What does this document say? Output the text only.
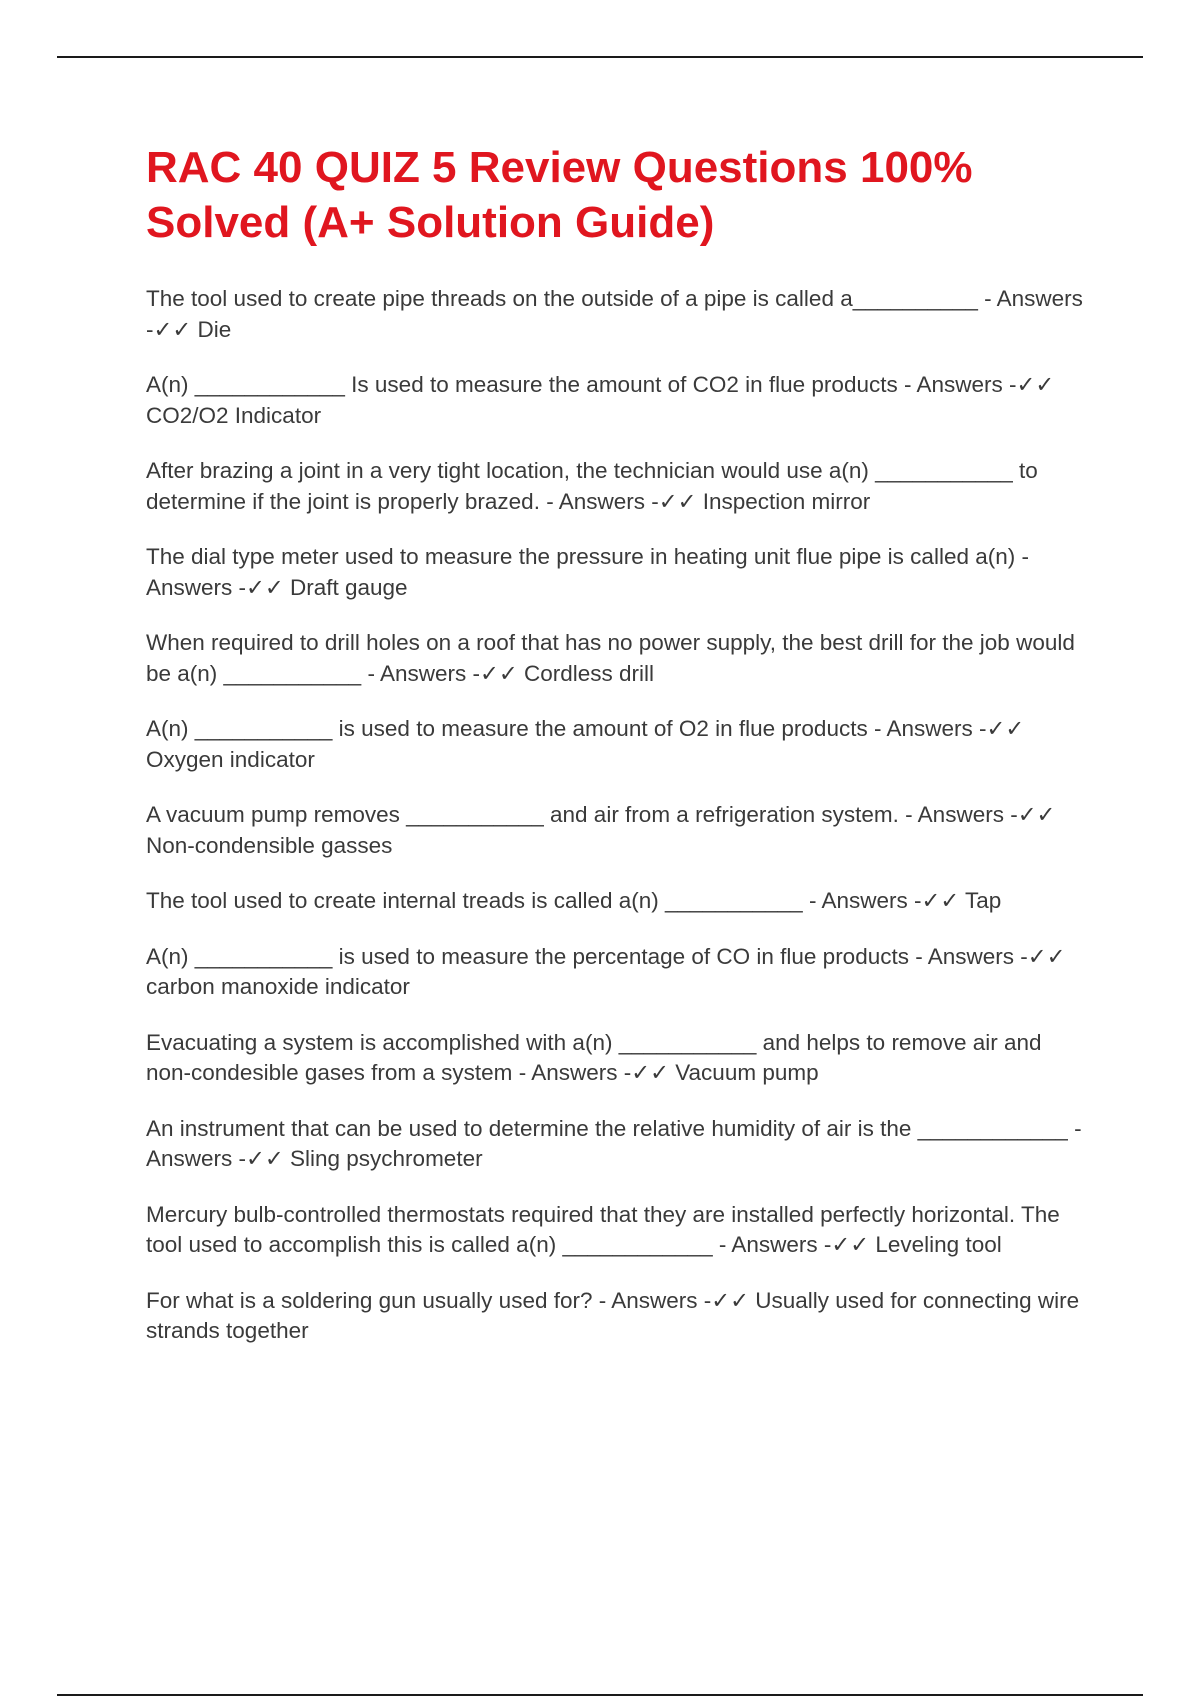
RAC 40 QUIZ 5 Review Questions 100% Solved (A+ Solution Guide)

The tool used to create pipe threads on the outside of a pipe is called a__________ - Answers -✓✓ Die

A(n) ____________ Is used to measure the amount of CO2 in flue products - Answers -✓✓CO2/O2 Indicator

After brazing a joint in a very tight location, the technician would use a(n) ___________ to determine if the joint is properly brazed. - Answers -✓✓ Inspection mirror

The dial type meter used to measure the pressure in heating unit flue pipe is called a(n) - Answers -✓✓ Draft gauge

When required to drill holes on a roof that has no power supply, the best drill for the job would be a(n) ___________ - Answers -✓✓ Cordless drill

A(n) ___________ is used to measure the amount of O2 in flue products - Answers -✓✓Oxygen indicator

A vacuum pump removes ___________ and air from a refrigeration system. - Answers -✓✓Non-condensible gasses

The tool used to create internal treads is called a(n) ___________ - Answers -✓✓ Tap

A(n) ___________ is used to measure the percentage of CO in flue products - Answers -✓✓carbon manoxide indicator

Evacuating a system is accomplished with a(n) ___________ and helps to remove air and non-condesible gases from a system - Answers -✓✓ Vacuum pump

An instrument that can be used to determine the relative humidity of air is the ____________ - Answers -✓✓ Sling psychrometer

Mercury bulb-controlled thermostats required that they are installed perfectly horizontal. The tool used to accomplish this is called a(n) ____________ - Answers -✓✓ Leveling tool

For what is a soldering gun usually used for? - Answers -✓✓ Usually used for connecting wire strands together
